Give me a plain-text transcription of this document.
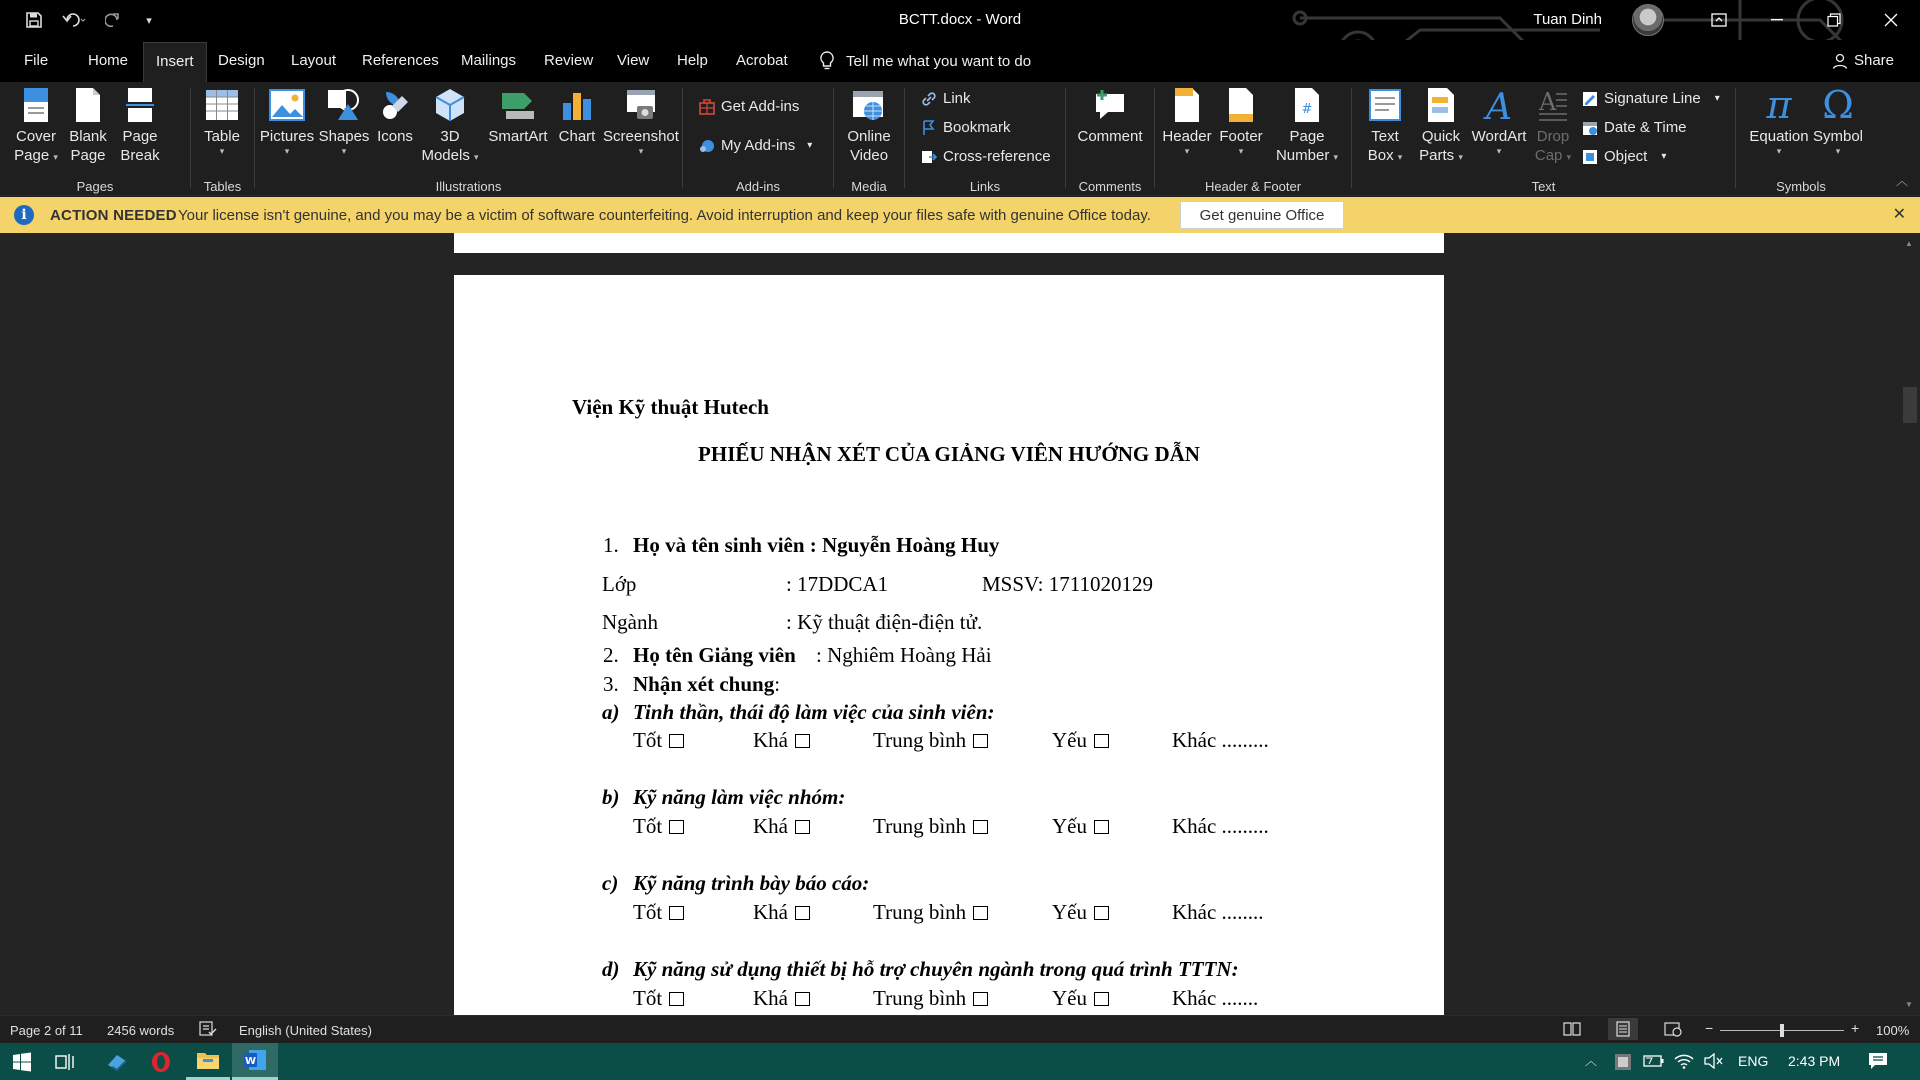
▾	BCTT.docx - Word	Tuan Dinh
File	Home	Insert	Design Layout References Mailings Review View Help Acrobat	Tell me what you want to do	Share
Cover
Page ▾
Blank
Page
Page
Break
Pages
Table
▾
Tables
Pictures
▾
Shapes
▾
Icons 3D
Models ▾
SmartArt Chart Screenshot
▾
Illustrations
Get Add-ins
My Add-ins ▾
Add-ins
Online
Video
Media
Link
Bookmark
Cross-reference
Links
Comment
Comments
Header
▾
Footer
▾
#
Page
Number ▾
Header & Footer
Text
Box ▾
Quick
Parts ▾
A
WordArt
▾
A
Drop
Cap ▾
Signature Line ▾
Date & Time
Object ▾
Text
π
Equation
▾
Ω
Symbol
▾
Symbols	︿
i	ACTION NEEDED Your license isn't genuine, and you may be a victim of software counterfeiting. Avoid interruption and keep your files safe with genuine Office today.	Get genuine Office	✕
Viện Kỹ thuật Hutech
PHIẾU NHẬN XÉT CỦA GIẢNG VIÊN HƯỚNG DẪN
1. Họ và tên sinh viên : Nguyễn Hoàng Huy
Lớp	: 17DDCA1	MSSV: 1711020129
Ngành	: Kỹ thuật điện-điện tử.
2. Họ tên Giảng viên : Nghiêm Hoàng Hải
3. Nhận xét chung:
a) Tinh thần, thái độ làm việc của sinh viên:
Tốt	Khá	Trung bình	Yếu	Khác .........
b) Kỹ năng làm việc nhóm:
Tốt	Khá	Trung bình	Yếu	Khác .........
c) Kỹ năng trình bày báo cáo:
Tốt	Khá	Trung bình	Yếu	Khác ........
d) Kỹ năng sử dụng thiết bị hỗ trợ chuyên ngành trong quá trình TTTN:
Tốt	Khá	Trung bình	Yếu	Khác .......
▲
▼
Page 2 of 11 2456 words	English (United States)	−	+ 100%
W	︿	ENG 2:43 PM
